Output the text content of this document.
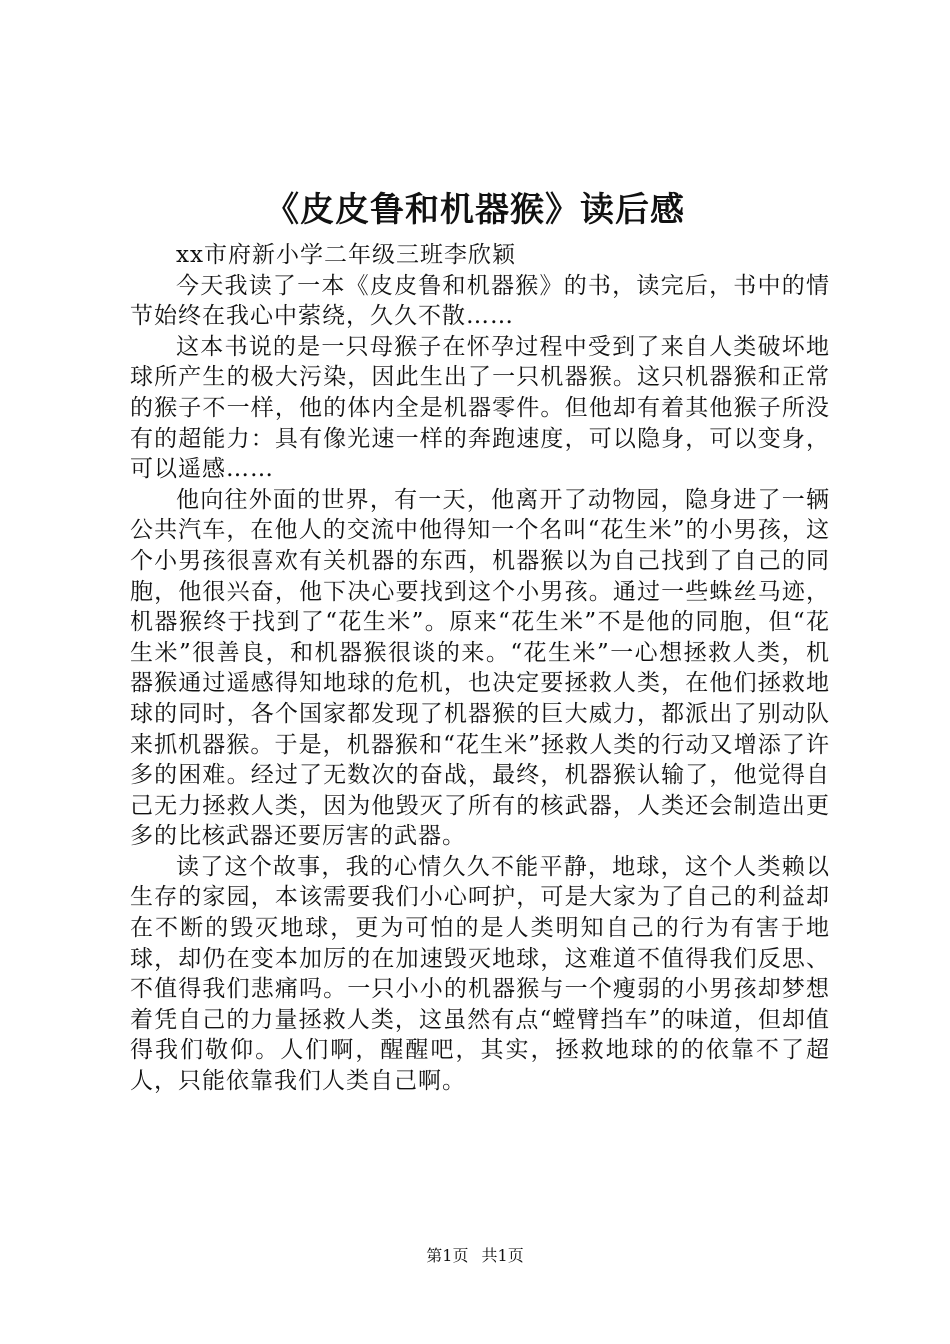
《皮皮鲁和机器猴》读后感

xx市府新小学二年级三班李欣颖

今天我读了一本《皮皮鲁和机器猴》的书，读完后，书中的情节始终在我心中萦绕，久久不散……

这本书说的是一只母猴子在怀孕过程中受到了来自人类破坏地球所产生的极大污染，因此生出了一只机器猴。这只机器猴和正常的猴子不一样，他的体内全是机器零件。但他却有着其他猴子所没有的超能力：具有像光速一样的奔跑速度，可以隐身，可以变身，可以遥感……

他向往外面的世界，有一天，他离开了动物园，隐身进了一辆公共汽车，在他人的交流中他得知一个名叫“花生米”的小男孩，这个小男孩很喜欢有关机器的东西，机器猴以为自己找到了自己的同胞，他很兴奋，他下决心要找到这个小男孩。通过一些蛛丝马迹，机器猴终于找到了“花生米”。原来“花生米”不是他的同胞，但“花生米”很善良，和机器猴很谈的来。“花生米”一心想拯救人类，机器猴通过遥感得知地球的危机，也决定要拯救人类，在他们拯救地球的同时，各个国家都发现了机器猴的巨大威力，都派出了别动队来抓机器猴。于是，机器猴和“花生米”拯救人类的行动又增添了许多的困难。经过了无数次的奋战，最终，机器猴认输了，他觉得自己无力拯救人类，因为他毁灭了所有的核武器，人类还会制造出更多的比核武器还要厉害的武器。

读了这个故事，我的心情久久不能平静，地球，这个人类赖以生存的家园，本该需要我们小心呵护，可是大家为了自己的利益却在不断的毁灭地球，更为可怕的是人类明知自己的行为有害于地球，却仍在变本加厉的在加速毁灭地球，这难道不值得我们反思、不值得我们悲痛吗。一只小小的机器猴与一个瘦弱的小男孩却梦想着凭自己的力量拯救人类，这虽然有点“螳臂挡车”的味道，但却值得我们敬仰。人们啊，醒醒吧，其实，拯救地球的的依靠不了超人，只能依靠我们人类自己啊。

第1页 共1页
